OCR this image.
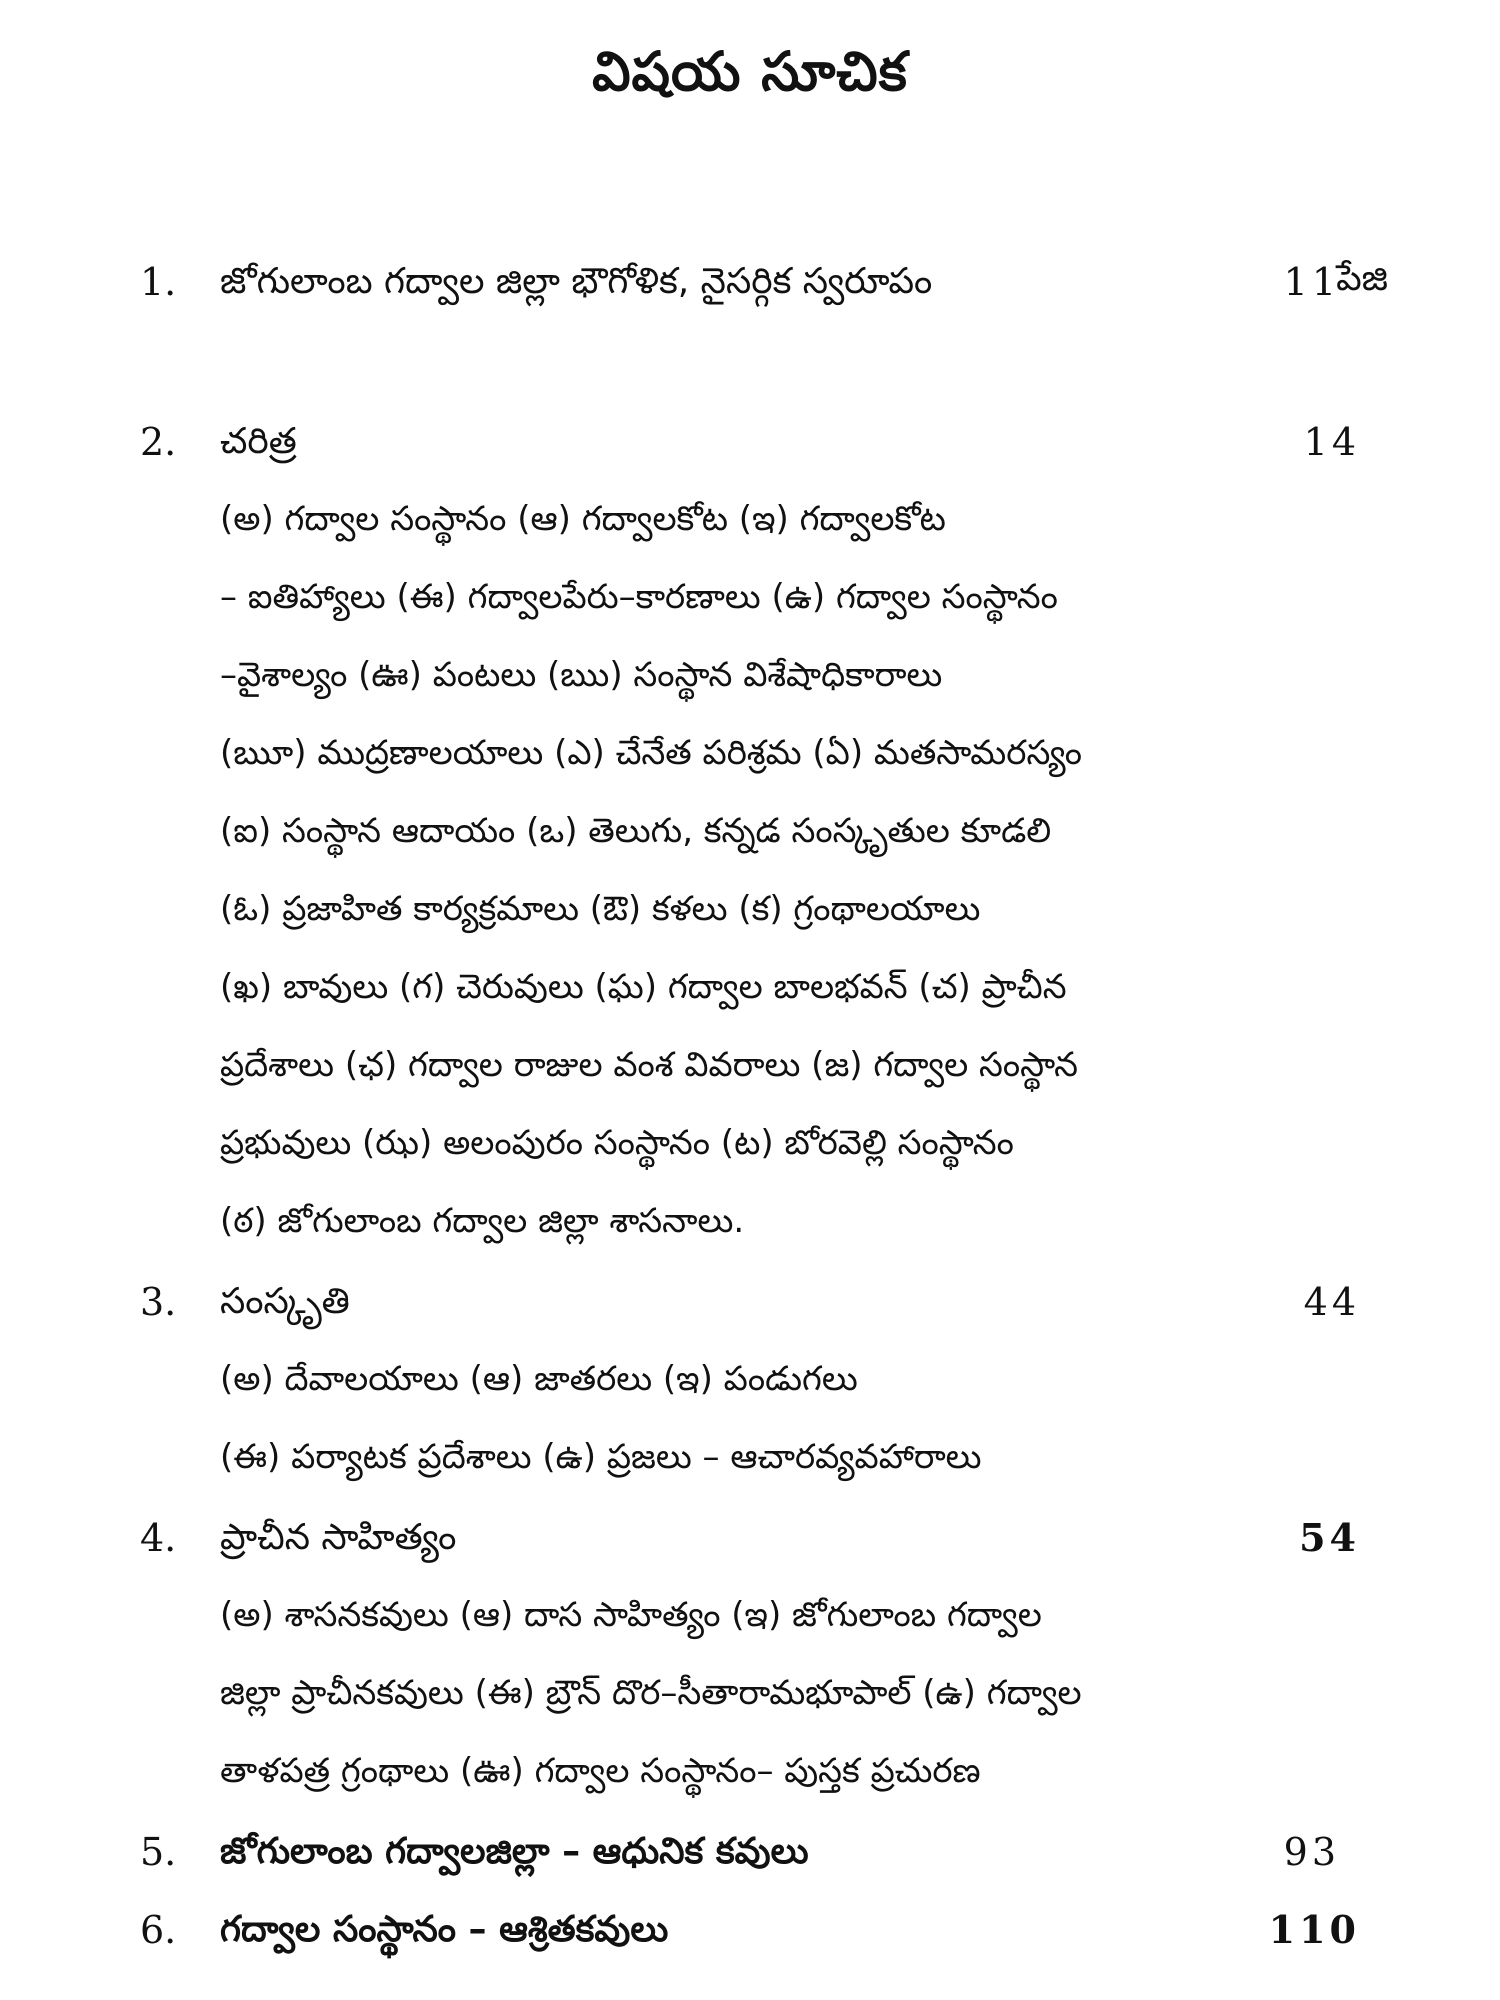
విషయ సూచిక
పేజి
1. జోగులాంబ గద్వాల జిల్లా భౌగోళిక, నైసర్గిక స్వరూపం	11
2. చరిత్ర	14
(అ) గద్వాల సంస్థానం (ఆ) గద్వాలకోట (ఇ) గద్వాలకోట
– ఐతిహ్యాలు (ఈ) గద్వాలపేరు–కారణాలు (ఉ) గద్వాల సంస్థానం
–వైశాల్యం (ఊ) పంటలు (ఋ) సంస్థాన విశేషాధికారాలు
(ౠ) ముద్రణాలయాలు (ఎ) చేనేత పరిశ్రమ (ఏ) మతసామరస్యం
(ఐ) సంస్థాన ఆదాయం (ఒ) తెలుగు, కన్నడ సంస్కృతుల కూడలి
(ఓ) ప్రజాహిత కార్యక్రమాలు (ఔ) కళలు (క) గ్రంథాలయాలు
(ఖ) బావులు (గ) చెరువులు (ఘ) గద్వాల బాలభవన్ (చ) ప్రాచీన
ప్రదేశాలు (ఛ) గద్వాల రాజుల వంశ వివరాలు (జ) గద్వాల సంస్థాన
ప్రభువులు (ఝ) అలంపురం సంస్థానం (ట) బోరవెల్లి సంస్థానం
(ఠ) జోగులాంబ గద్వాల జిల్లా శాసనాలు.
3. సంస్కృతి	44
(అ) దేవాలయాలు (ఆ) జాతరలు (ఇ) పండుగలు
(ఈ) పర్యాటక ప్రదేశాలు (ఉ) ప్రజలు – ఆచారవ్యవహారాలు
4. ప్రాచీన సాహిత్యం	54
(అ) శాసనకవులు (ఆ) దాస సాహిత్యం (ఇ) జోగులాంబ గద్వాల
జిల్లా ప్రాచీనకవులు (ఈ) బ్రౌన్ దొర–సీతారామభూపాల్ (ఉ) గద్వాల
తాళపత్ర గ్రంథాలు (ఊ) గద్వాల సంస్థానం– పుస్తక ప్రచురణ
5. జోగులాంబ గద్వాలజిల్లా – ఆధునిక కవులు	93
6. గద్వాల సంస్థానం – ఆశ్రితకవులు	110
